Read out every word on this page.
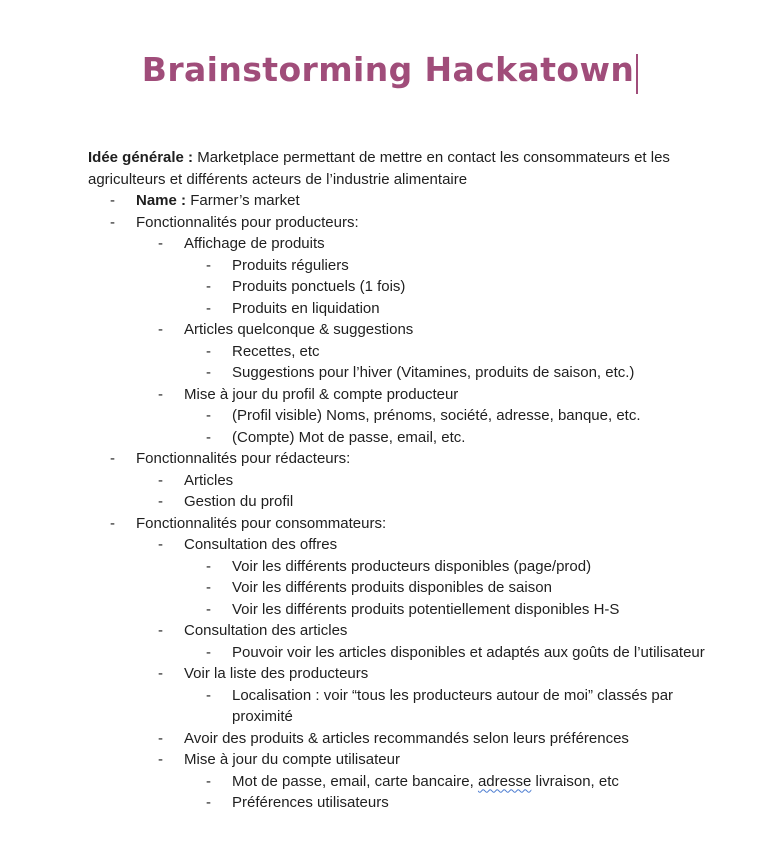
Brainstorming Hackatown
Idée générale : Marketplace permettant de mettre en contact les consommateurs et les agriculteurs et différents acteurs de l’industrie alimentaire
- Name : Farmer’s market
- Fonctionnalités pour producteurs:
- Affichage de produits
- Produits réguliers
- Produits ponctuels (1 fois)
- Produits en liquidation
- Articles quelconque & suggestions
- Recettes, etc
- Suggestions pour l’hiver (Vitamines, produits de saison, etc.)
- Mise à jour du profil & compte producteur
- (Profil visible) Noms, prénoms, société, adresse, banque, etc.
- (Compte) Mot de passe, email, etc.
- Fonctionnalités pour rédacteurs:
- Articles
- Gestion du profil
- Fonctionnalités pour consommateurs:
- Consultation des offres
- Voir les différents producteurs disponibles (page/prod)
- Voir les différents produits disponibles de saison
- Voir les différents produits potentiellement disponibles H-S
- Consultation des articles
- Pouvoir voir les articles disponibles et adaptés aux goûts de l’utilisateur
- Voir la liste des producteurs
- Localisation : voir “tous les producteurs autour de moi” classés par proximité
- Avoir des produits & articles recommandés selon leurs préférences
- Mise à jour du compte utilisateur
- Mot de passe, email, carte bancaire, adresse livraison, etc
- Préférences utilisateurs
